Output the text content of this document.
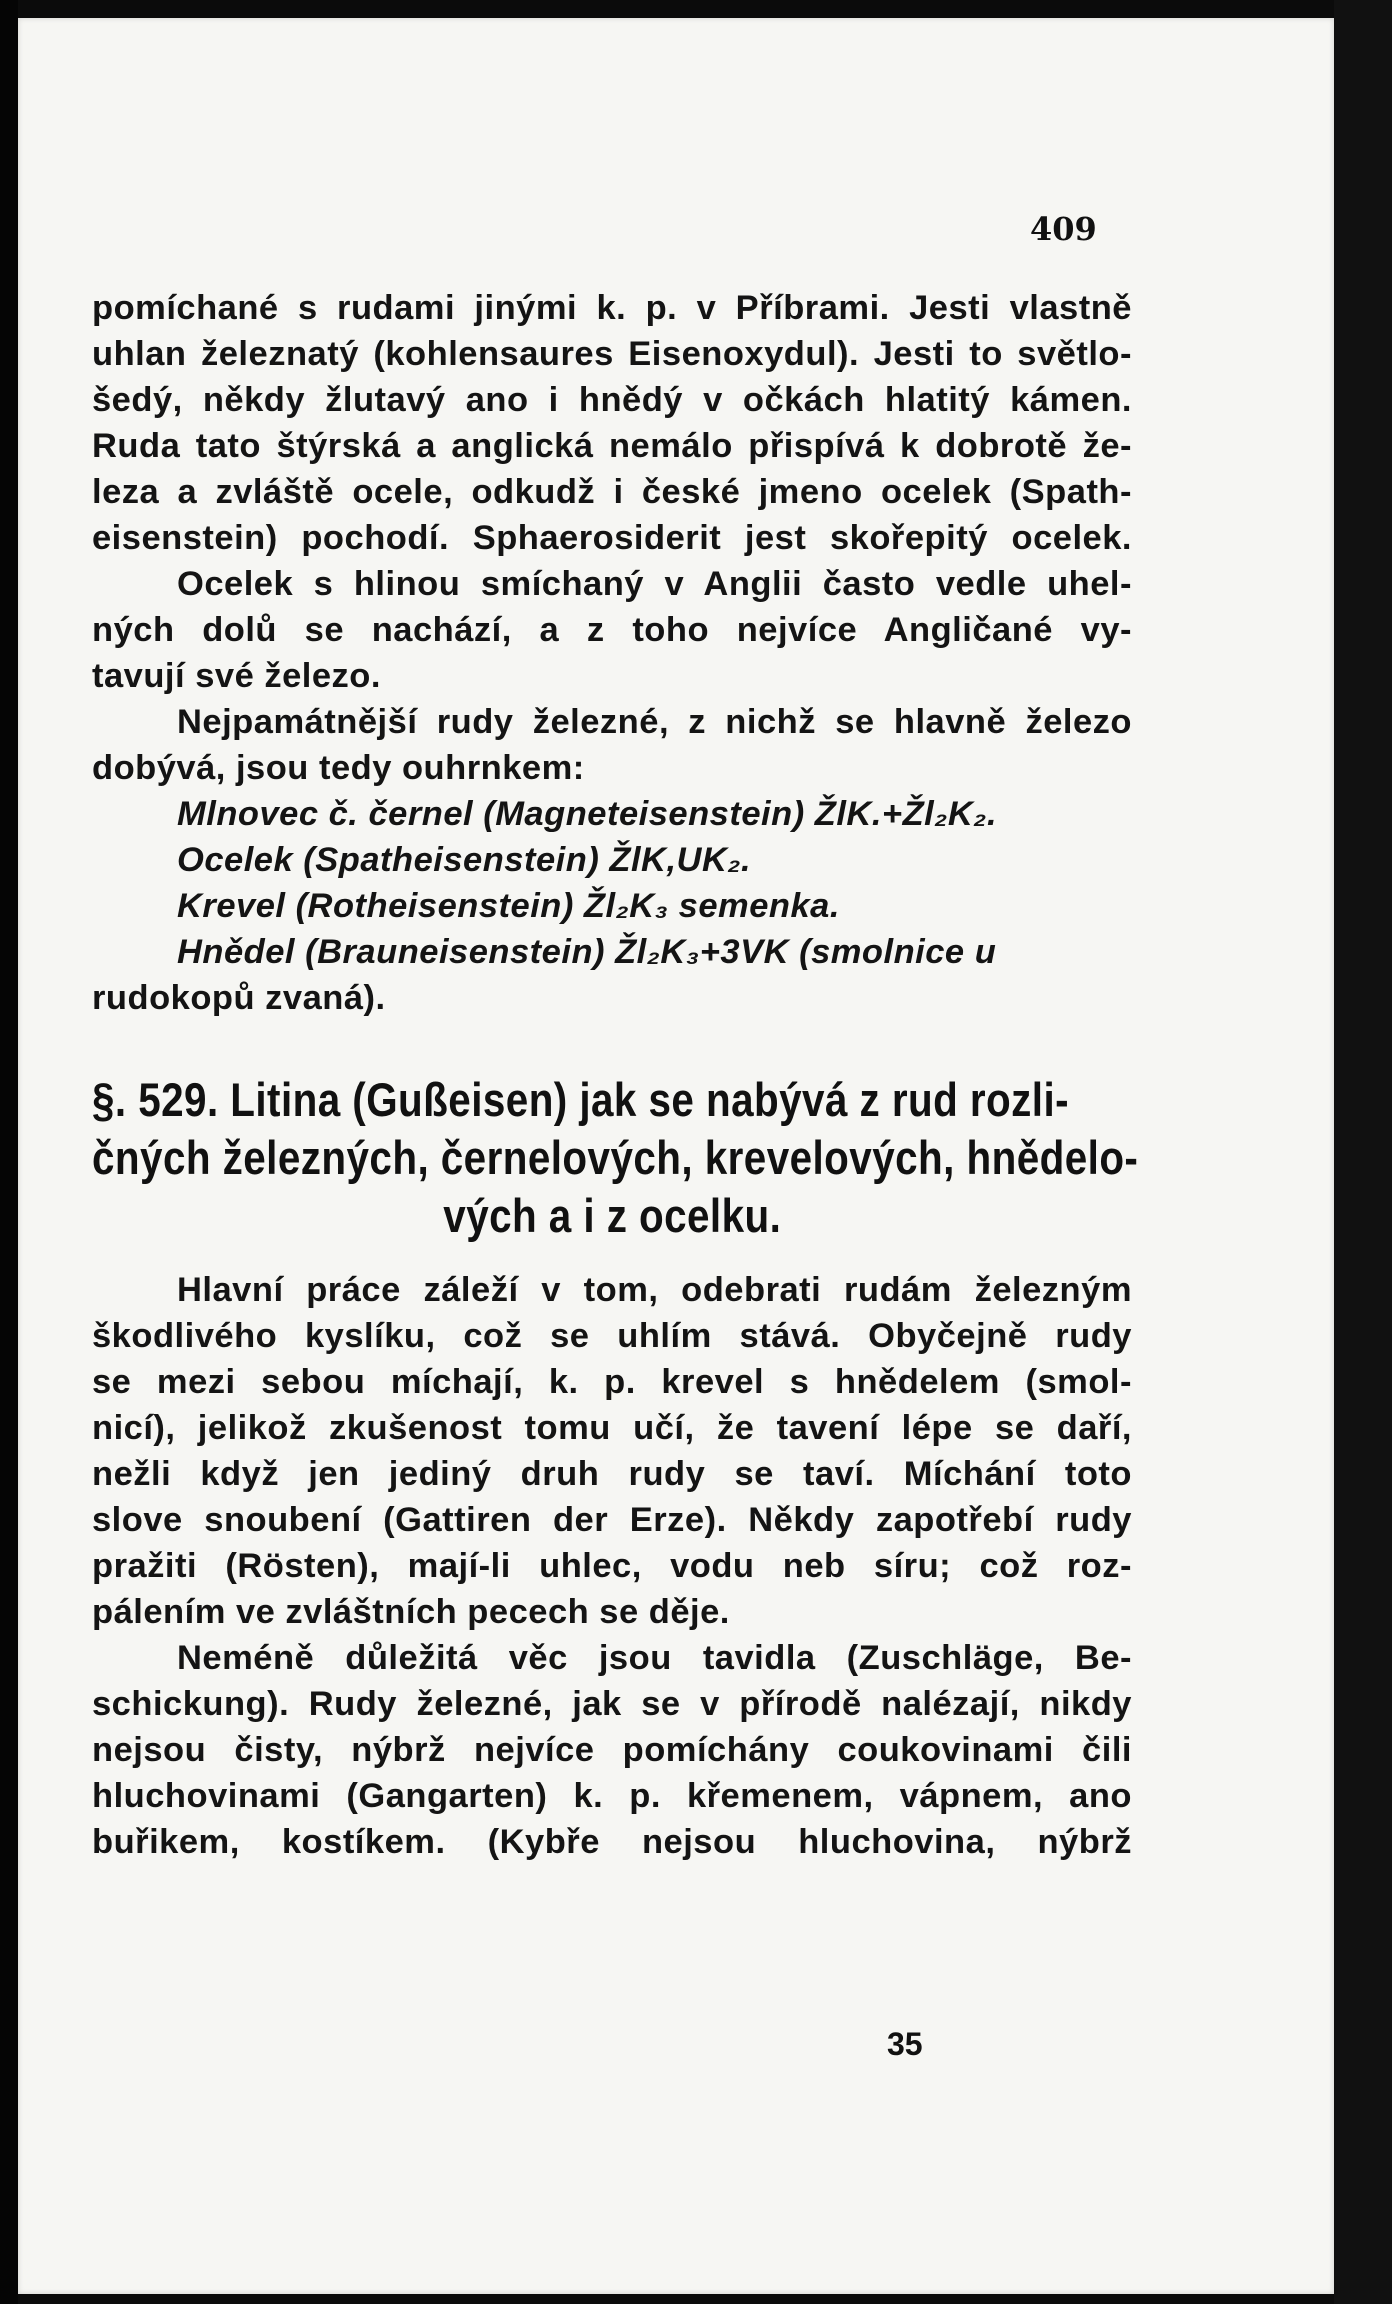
409
pomíchané s rudami jinými k. p. v Příbrami. Jesti vlastně
uhlan železnatý (kohlensaures Eisenoxydul). Jesti to světlo-
šedý, někdy žlutavý ano i hnědý v očkách hlatitý kámen.
Ruda tato štýrská a anglická nemálo přispívá k dobrotě že-
leza a zvláště ocele, odkudž i české jmeno ocelek (Spath-
eisenstein) pochodí. Sphaerosiderit jest skořepitý ocelek.
Ocelek s hlinou smíchaný v Anglii často vedle uhel-
ných dolů se nachází, a z toho nejvíce Angličané vy-
tavují své železo.
Nejpamátnější rudy železné, z nichž se hlavně železo
dobývá, jsou tedy ouhrnkem:
Mlnovec č. černel (Magneteisenstein) ŽlK.+Žl₂K₂.
Ocelek (Spatheisenstein) ŽlK,UK₂.
Krevel (Rotheisenstein) Žl₂K₃ semenka.
Hnědel (Brauneisenstein) Žl₂K₃+3VK (smolnice u
rudokopů zvaná).
§. 529. Litina (Gußeisen) jak se nabývá z rud rozli-
čných železných, černelových, krevelových, hnědelo-
vých a i z ocelku.
Hlavní práce záleží v tom, odebrati rudám železným
škodlivého kyslíku, což se uhlím stává. Obyčejně rudy
se mezi sebou míchají, k. p. krevel s hnědelem (smol-
nicí), jelikož zkušenost tomu učí, že tavení lépe se daří,
nežli když jen jediný druh rudy se taví. Míchání toto
slove snoubení (Gattiren der Erze). Někdy zapotřebí rudy
pražiti (Rösten), mají-li uhlec, vodu neb síru; což roz-
pálením ve zvláštních pecech se děje.
Neméně důležitá věc jsou tavidla (Zuschläge, Be-
schickung). Rudy železné, jak se v přírodě nalézají, nikdy
nejsou čisty, nýbrž nejvíce pomíchány coukovinami čili
hluchovinami (Gangarten) k. p. křemenem, vápnem, ano
buřikem, kostíkem. (Kybře nejsou hluchovina, nýbrž
35
